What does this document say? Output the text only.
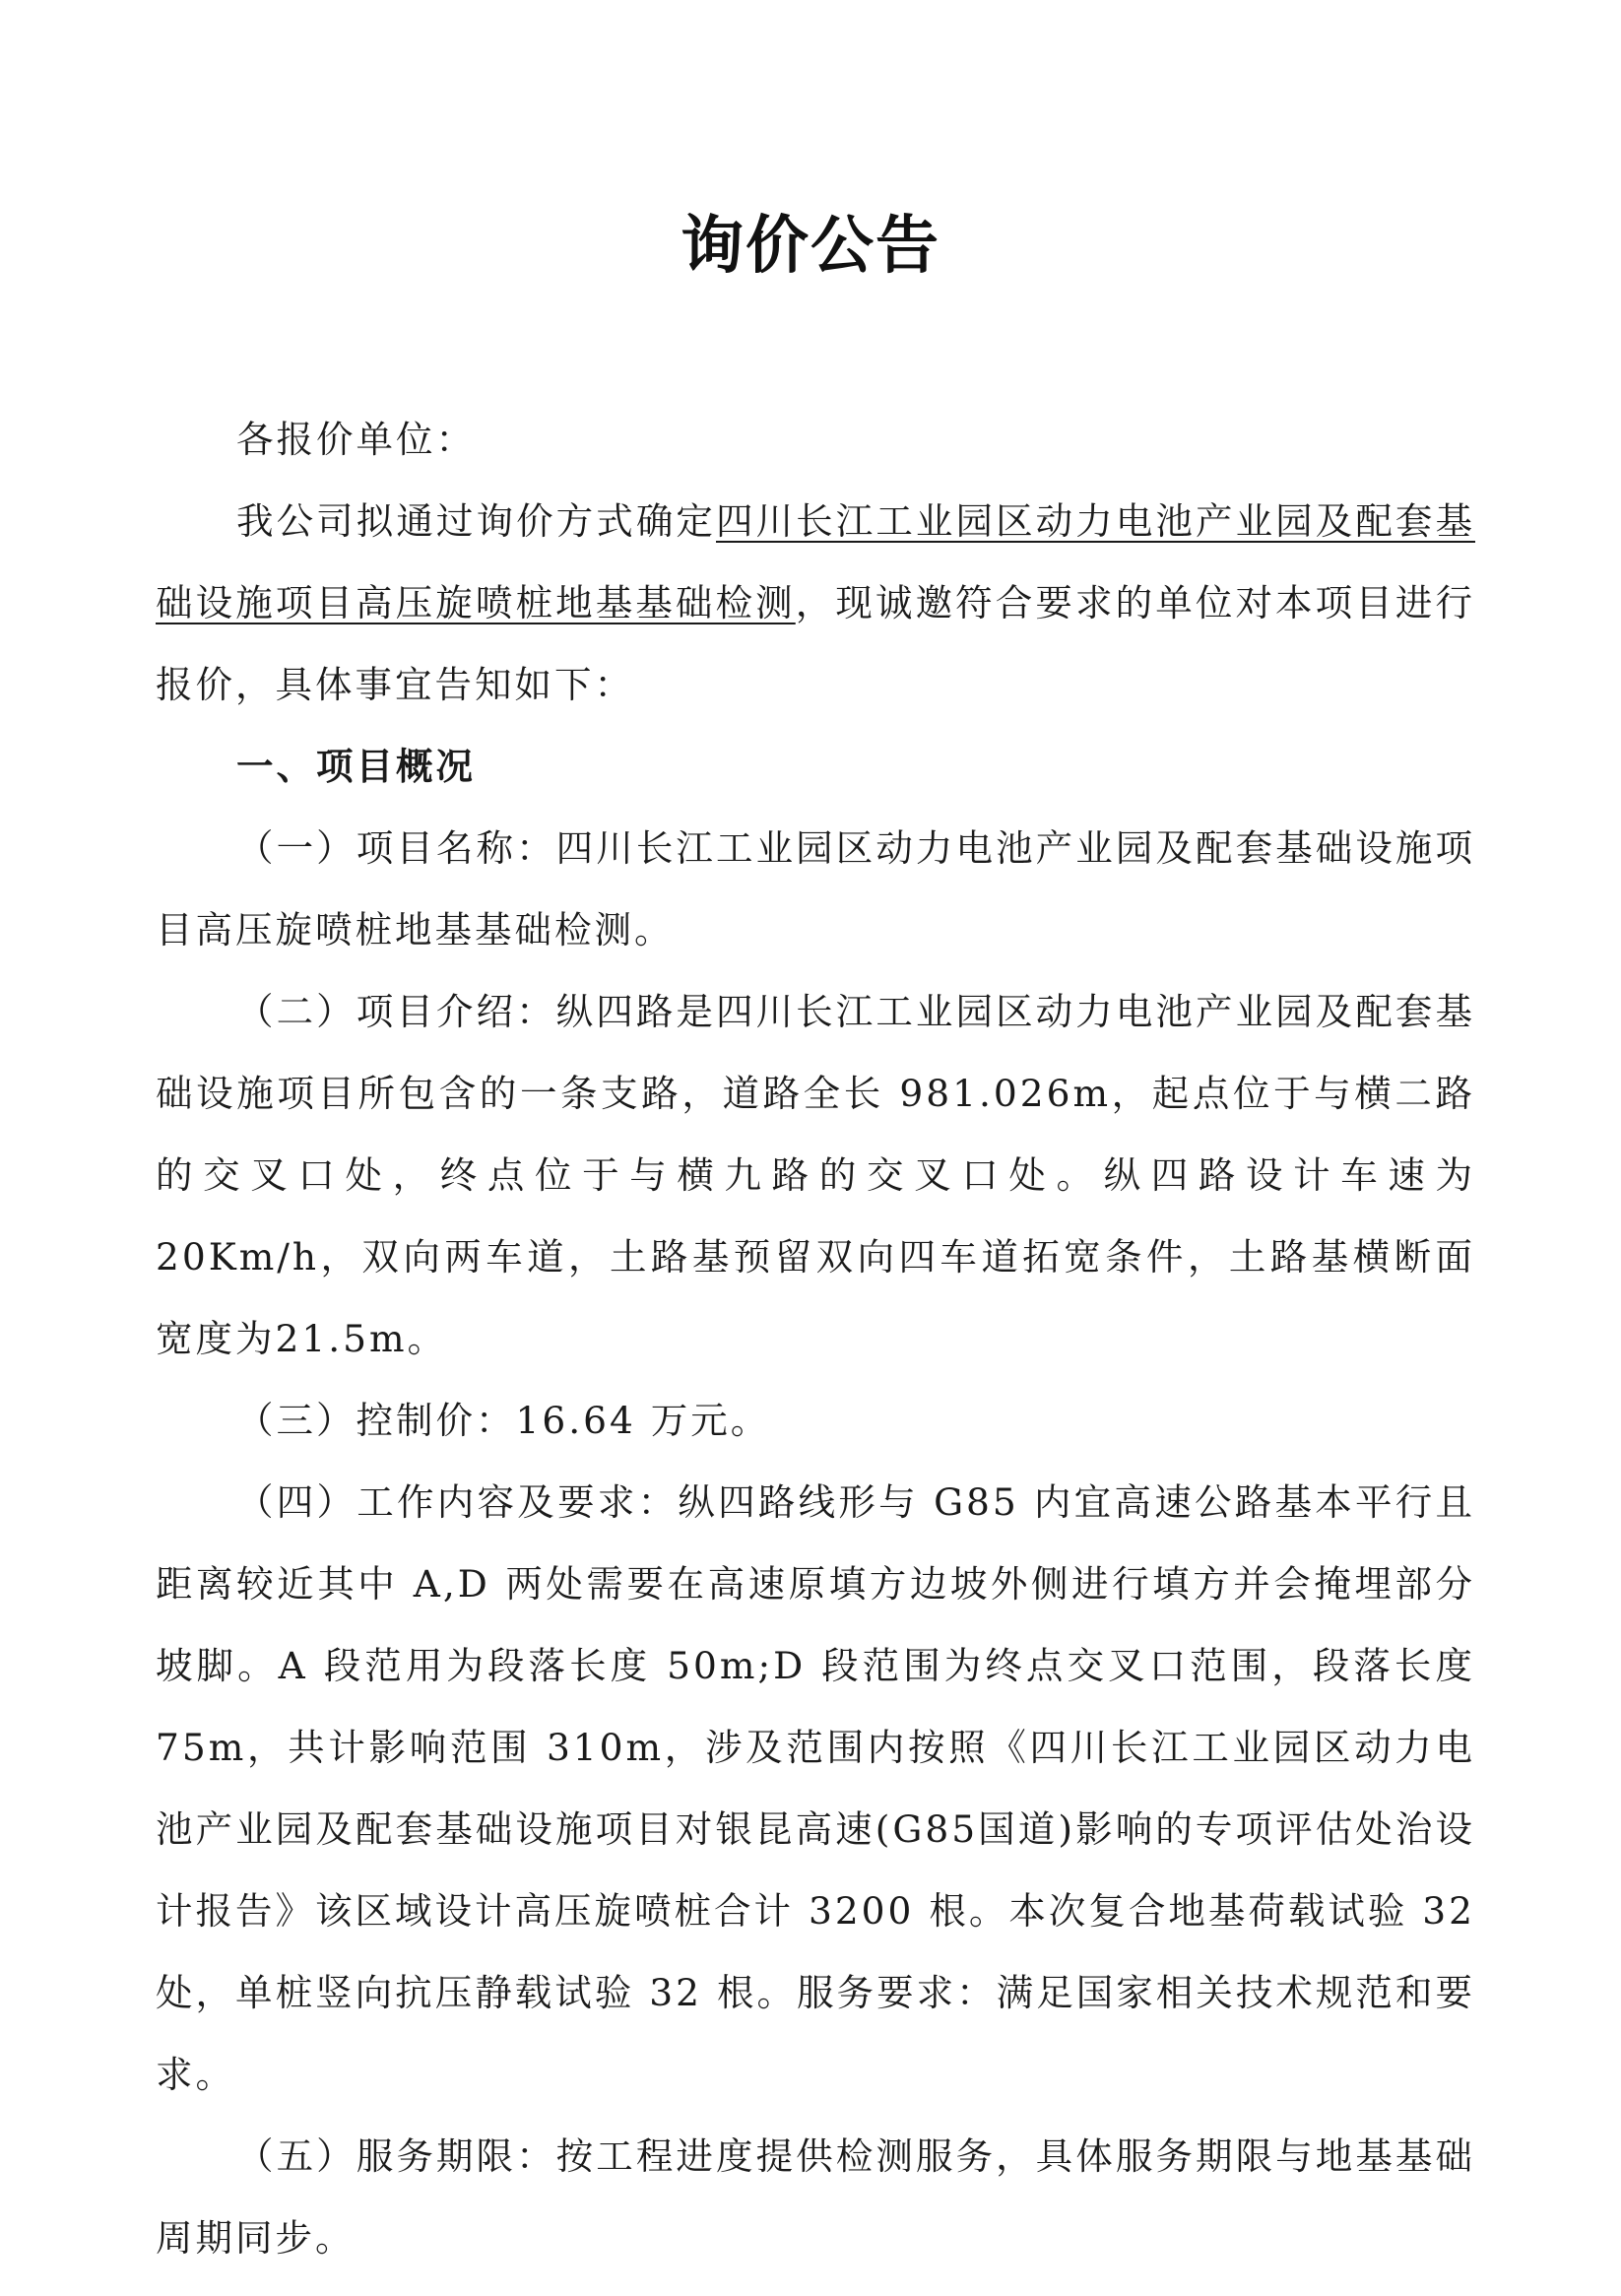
询价公告

各报价单位：

我公司拟通过询价方式确定四川长江工业园区动力电池产业园及配套基础设施项目高压旋喷桩地基基础检测，现诚邀符合要求的单位对本项目进行报价，具体事宜告知如下：

一、项目概况

（一）项目名称：四川长江工业园区动力电池产业园及配套基础设施项目高压旋喷桩地基基础检测。

（二）项目介绍：纵四路是四川长江工业园区动力电池产业园及配套基础设施项目所包含的一条支路，道路全长 981.026m，起点位于与横二路的交叉口处，终点位于与横九路的交叉口处。纵四路设计车速为 20Km/h，双向两车道，土路基预留双向四车道拓宽条件，土路基横断面宽度为21.5m。

（三）控制价：16.64 万元。

（四）工作内容及要求：纵四路线形与 G85 内宜高速公路基本平行且距离较近其中 A,D 两处需要在高速原填方边坡外侧进行填方并会掩埋部分坡脚。A 段范用为段落长度 50m;D 段范围为终点交叉口范围，段落长度 75m，共计影响范围 310m，涉及范围内按照《四川长江工业园区动力电池产业园及配套基础设施项目对银昆高速(G85国道)影响的专项评估处治设计报告》该区域设计高压旋喷桩合计 3200 根。本次复合地基荷载试验 32 处，单桩竖向抗压静载试验 32 根。服务要求：满足国家相关技术规范和要求。

（五）服务期限：按工程进度提供检测服务，具体服务期限与地基基础周期同步。
